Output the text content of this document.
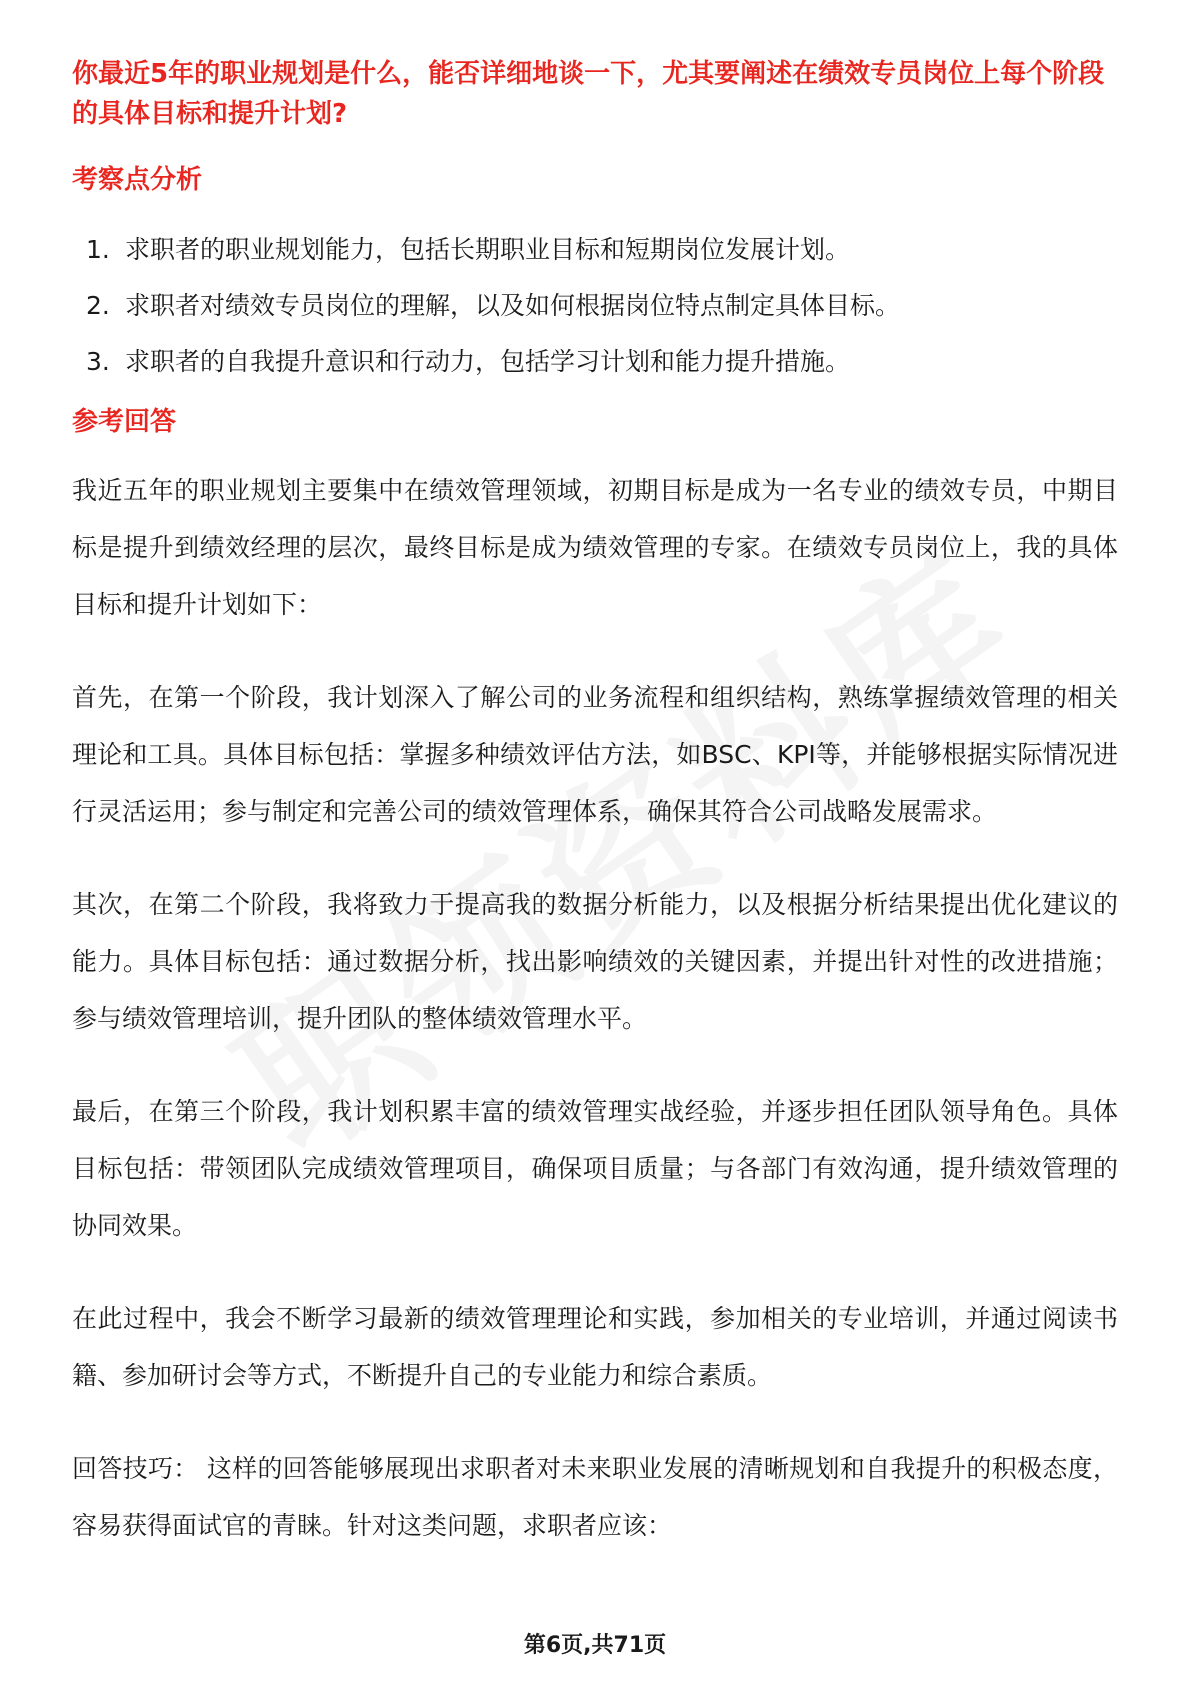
你最近5年的职业规划是什么，能否详细地谈一下，尤其要阐述在绩效专员岗位上每个阶段的具体目标和提升计划?

考察点分析

1. 求职者的职业规划能力，包括长期职业目标和短期岗位发展计划。
2. 求职者对绩效专员岗位的理解，以及如何根据岗位特点制定具体目标。
3. 求职者的自我提升意识和行动力，包括学习计划和能力提升措施。

参考回答

我近五年的职业规划主要集中在绩效管理领域，初期目标是成为一名专业的绩效专员，中期目标是提升到绩效经理的层次，最终目标是成为绩效管理的专家。在绩效专员岗位上，我的具体目标和提升计划如下：

首先，在第一个阶段，我计划深入了解公司的业务流程和组织结构，熟练掌握绩效管理的相关理论和工具。具体目标包括：掌握多种绩效评估方法，如BSC、KPI等，并能够根据实际情况进行灵活运用；参与制定和完善公司的绩效管理体系，确保其符合公司战略发展需求。

其次，在第二个阶段，我将致力于提高我的数据分析能力，以及根据分析结果提出优化建议的能力。具体目标包括：通过数据分析，找出影响绩效的关键因素，并提出针对性的改进措施；参与绩效管理培训，提升团队的整体绩效管理水平。

最后，在第三个阶段，我计划积累丰富的绩效管理实战经验，并逐步担任团队领导角色。具体目标包括：带领团队完成绩效管理项目，确保项目质量；与各部门有效沟通，提升绩效管理的协同效果。

在此过程中，我会不断学习最新的绩效管理理论和实践，参加相关的专业培训，并通过阅读书籍、参加研讨会等方式，不断提升自己的专业能力和综合素质。

回答技巧： 这样的回答能够展现出求职者对未来职业发展的清晰规划和自我提升的积极态度，容易获得面试官的青睐。针对这类问题，求职者应该：

第6页,共71页
